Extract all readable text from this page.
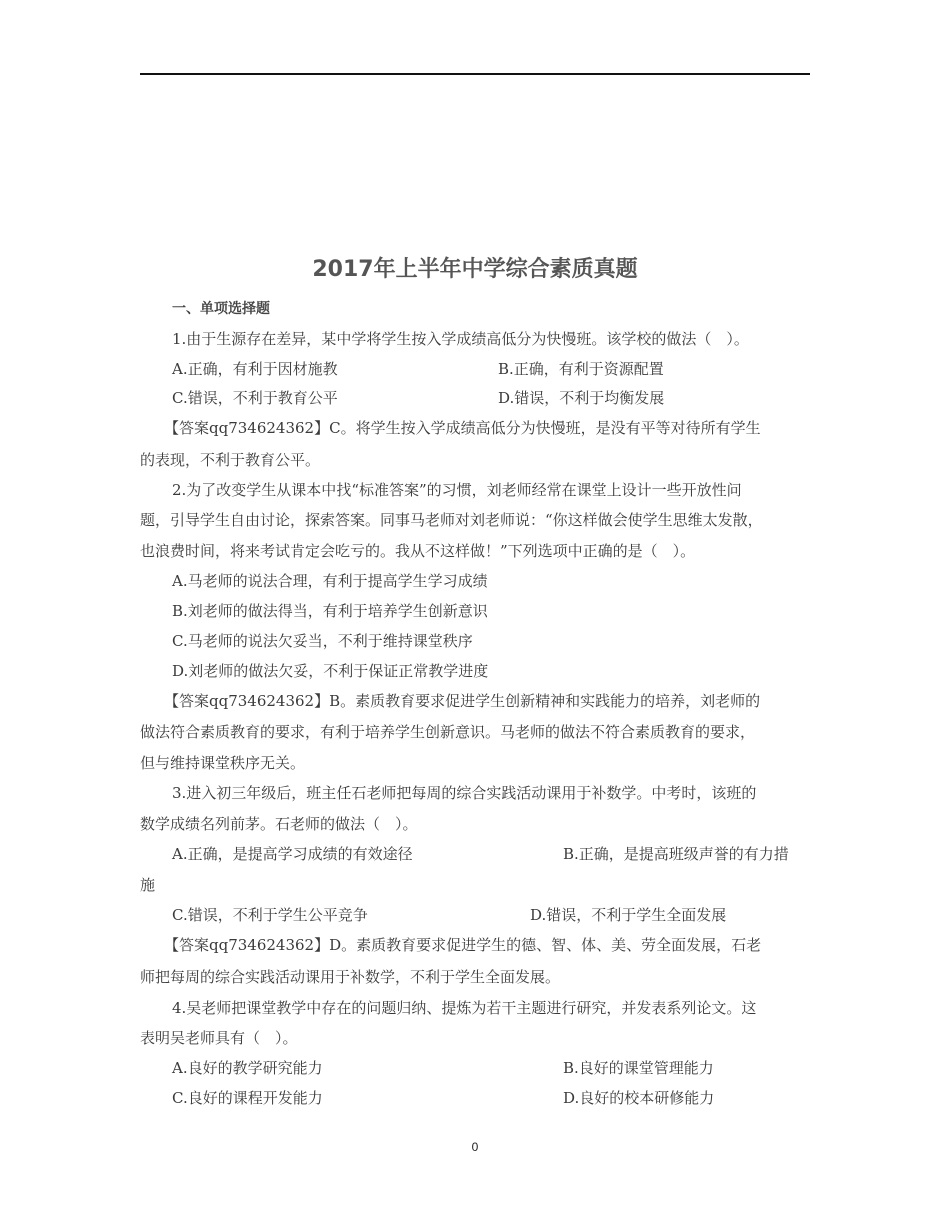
2017年上半年中学综合素质真题
一、单项选择题
1.由于生源存在差异，某中学将学生按入学成绩高低分为快慢班。该学校的做法（　）。
A.正确，有利于因材施教	B.正确，有利于资源配置
C.错误，不利于教育公平	D.错误，不利于均衡发展
【答案qq734624362】C。将学生按入学成绩高低分为快慢班，是没有平等对待所有学生
的表现，不利于教育公平。
2.为了改变学生从课本中找“标准答案”的习惯，刘老师经常在课堂上设计一些开放性问
题，引导学生自由讨论，探索答案。同事马老师对刘老师说：“你这样做会使学生思维太发散，
也浪费时间，将来考试肯定会吃亏的。我从不这样做！”下列选项中正确的是（　）。
A.马老师的说法合理，有利于提高学生学习成绩
B.刘老师的做法得当，有利于培养学生创新意识
C.马老师的说法欠妥当，不利于维持课堂秩序
D.刘老师的做法欠妥，不利于保证正常教学进度
【答案qq734624362】B。素质教育要求促进学生创新精神和实践能力的培养，刘老师的
做法符合素质教育的要求，有利于培养学生创新意识。马老师的做法不符合素质教育的要求，
但与维持课堂秩序无关。
3.进入初三年级后，班主任石老师把每周的综合实践活动课用于补数学。中考时，该班的
数学成绩名列前茅。石老师的做法（　）。
A.正确，是提高学习成绩的有效途径	B.正确，是提高班级声誉的有力措
施
C.错误，不利于学生公平竞争	D.错误，不利于学生全面发展
【答案qq734624362】D。素质教育要求促进学生的德、智、体、美、劳全面发展，石老
师把每周的综合实践活动课用于补数学，不利于学生全面发展。
4.吴老师把课堂教学中存在的问题归纳、提炼为若干主题进行研究，并发表系列论文。这
表明吴老师具有（　）。
A.良好的教学研究能力	B.良好的课堂管理能力
C.良好的课程开发能力	D.良好的校本研修能力
0
